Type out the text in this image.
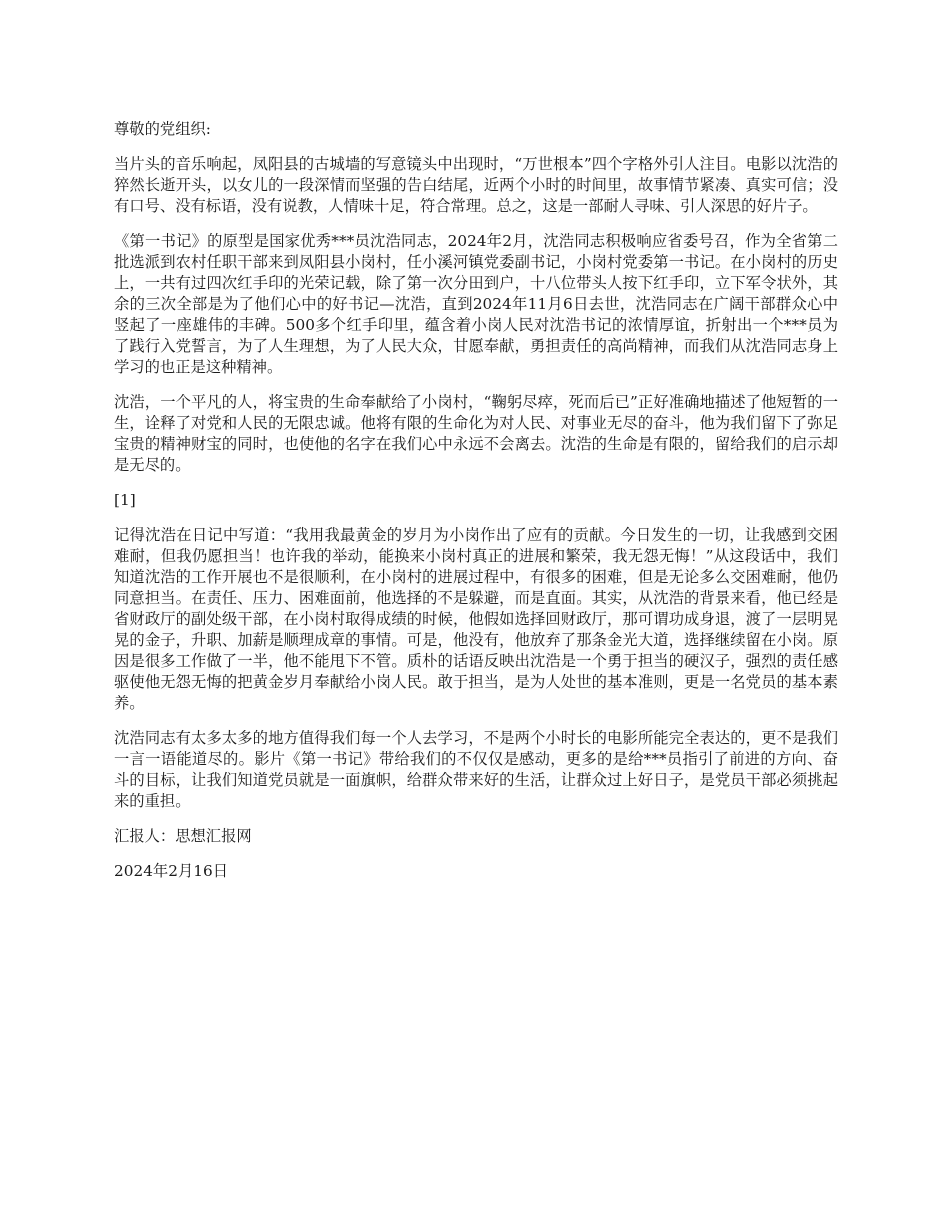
尊敬的党组织:

当片头的音乐响起，凤阳县的古城墙的写意镜头中出现时，“万世根本”四个字格外引人注目。电影以沈浩的猝然长逝开头，以女儿的一段深情而坚强的告白结尾，近两个小时的时间里，故事情节紧凑、真实可信；没有口号、没有标语，没有说教，人情味十足，符合常理。总之，这是一部耐人寻味、引人深思的好片子。

《第一书记》的原型是国家优秀***员沈浩同志，2024年2月，沈浩同志积极响应省委号召，作为全省第二批选派到农村任职干部来到凤阳县小岗村，任小溪河镇党委副书记，小岗村党委第一书记。在小岗村的历史上，一共有过四次红手印的光荣记载，除了第一次分田到户，十八位带头人按下红手印，立下军令状外，其余的三次全部是为了他们心中的好书记—沈浩，直到2024年11月6日去世，沈浩同志在广阔干部群众心中竖起了一座雄伟的丰碑。500多个红手印里，蕴含着小岗人民对沈浩书记的浓情厚谊，折射出一个***员为了践行入党誓言，为了人生理想，为了人民大众，甘愿奉献，勇担责任的高尚精神，而我们从沈浩同志身上学习的也正是这种精神。

沈浩，一个平凡的人，将宝贵的生命奉献给了小岗村，“鞠躬尽瘁，死而后已”正好准确地描述了他短暂的一生，诠释了对党和人民的无限忠诚。他将有限的生命化为对人民、对事业无尽的奋斗，他为我们留下了弥足宝贵的精神财宝的同时，也使他的名字在我们心中永远不会离去。沈浩的生命是有限的，留给我们的启示却是无尽的。

[1]

记得沈浩在日记中写道：“我用我最黄金的岁月为小岗作出了应有的贡献。今日发生的一切，让我感到交困难耐，但我仍愿担当！也许我的举动，能换来小岗村真正的进展和繁荣，我无怨无悔！”从这段话中，我们知道沈浩的工作开展也不是很顺利，在小岗村的进展过程中，有很多的困难，但是无论多么交困难耐，他仍同意担当。在责任、压力、困难面前，他选择的不是躲避，而是直面。其实，从沈浩的背景来看，他已经是省财政厅的副处级干部，在小岗村取得成绩的时候，他假如选择回财政厅，那可谓功成身退，渡了一层明晃晃的金子，升职、加薪是顺理成章的事情。可是，他没有，他放弃了那条金光大道，选择继续留在小岗。原因是很多工作做了一半，他不能甩下不管。质朴的话语反映出沈浩是一个勇于担当的硬汉子，强烈的责任感驱使他无怨无悔的把黄金岁月奉献给小岗人民。敢于担当，是为人处世的基本准则，更是一名党员的基本素养。

沈浩同志有太多太多的地方值得我们每一个人去学习，不是两个小时长的电影所能完全表达的，更不是我们一言一语能道尽的。影片《第一书记》带给我们的不仅仅是感动，更多的是给***员指引了前进的方向、奋斗的目标，让我们知道党员就是一面旗帜，给群众带来好的生活，让群众过上好日子，是党员干部必须挑起来的重担。

汇报人：思想汇报网

2024年2月16日
